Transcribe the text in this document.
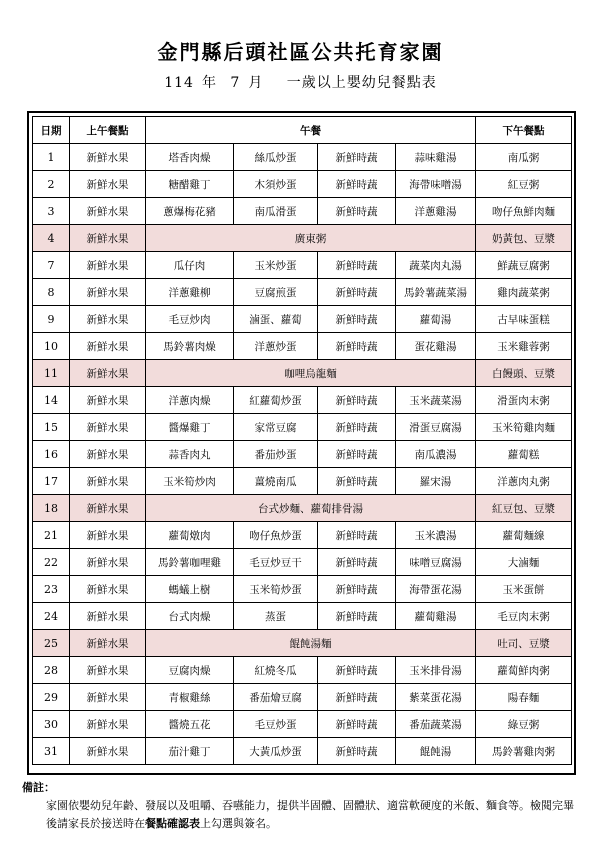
金門縣后頭社區公共托育家園
114 年 7 月 一歲以上嬰幼兒餐點表
日期	上午餐點	午餐				下午餐點
1	新鮮水果	塔香肉燥	絲瓜炒蛋	新鮮時蔬	蒜味雞湯	南瓜粥
2	新鮮水果	糖醋雞丁	木須炒蛋	新鮮時蔬	海帶味噌湯	紅豆粥
3	新鮮水果	蔥爆梅花豬	南瓜滑蛋	新鮮時蔬	洋蔥雞湯	吻仔魚鮮肉麵
4	新鮮水果	廣東粥				奶黃包、豆漿
7	新鮮水果	瓜仔肉	玉米炒蛋	新鮮時蔬	蔬菜肉丸湯	鮮蔬豆腐粥
8	新鮮水果	洋蔥雞柳	豆腐煎蛋	新鮮時蔬	馬鈴薯蔬菜湯	雞肉蔬菜粥
9	新鮮水果	毛豆炒肉	滷蛋、蘿蔔	新鮮時蔬	蘿蔔湯	古早味蛋糕
10	新鮮水果	馬鈴薯肉燥	洋蔥炒蛋	新鮮時蔬	蛋花雞湯	玉米雞蓉粥
11	新鮮水果	咖哩烏龍麵				白饅頭、豆漿
14	新鮮水果	洋蔥肉燥	紅蘿蔔炒蛋	新鮮時蔬	玉米蔬菜湯	滑蛋肉末粥
15	新鮮水果	醬爆雞丁	家常豆腐	新鮮時蔬	滑蛋豆腐湯	玉米筍雞肉麵
16	新鮮水果	蒜香肉丸	番茄炒蛋	新鮮時蔬	南瓜濃湯	蘿蔔糕
17	新鮮水果	玉米筍炒肉	薑燒南瓜	新鮮時蔬	羅宋湯	洋蔥肉丸粥
18	新鮮水果	台式炒麵、蘿蔔排骨湯				紅豆包、豆漿
21	新鮮水果	蘿蔔燉肉	吻仔魚炒蛋	新鮮時蔬	玉米濃湯	蘿蔔麵線
22	新鮮水果	馬鈴薯咖哩雞	毛豆炒豆干	新鮮時蔬	味噌豆腐湯	大滷麵
23	新鮮水果	螞蟻上樹	玉米筍炒蛋	新鮮時蔬	海帶蛋花湯	玉米蛋餅
24	新鮮水果	台式肉燥	蒸蛋	新鮮時蔬	蘿蔔雞湯	毛豆肉末粥
25	新鮮水果	餛飩湯麵				吐司、豆漿
28	新鮮水果	豆腐肉燥	紅燒冬瓜	新鮮時蔬	玉米排骨湯	蘿蔔鮮肉粥
29	新鮮水果	青椒雞絲	番茄燴豆腐	新鮮時蔬	紫菜蛋花湯	陽春麵
30	新鮮水果	醬燒五花	毛豆炒蛋	新鮮時蔬	番茄蔬菜湯	綠豆粥
31	新鮮水果	茄汁雞丁	大黃瓜炒蛋	新鮮時蔬	餛飩湯	馬鈴薯雞肉粥
備註：
家園依嬰幼兒年齡、發展以及咀嚼、吞嚥能力，提供半固體、固體狀、適當軟硬度的米飯、麵食等。檢閱完畢後請家長於接送時在餐點確認表上勾選與簽名。
